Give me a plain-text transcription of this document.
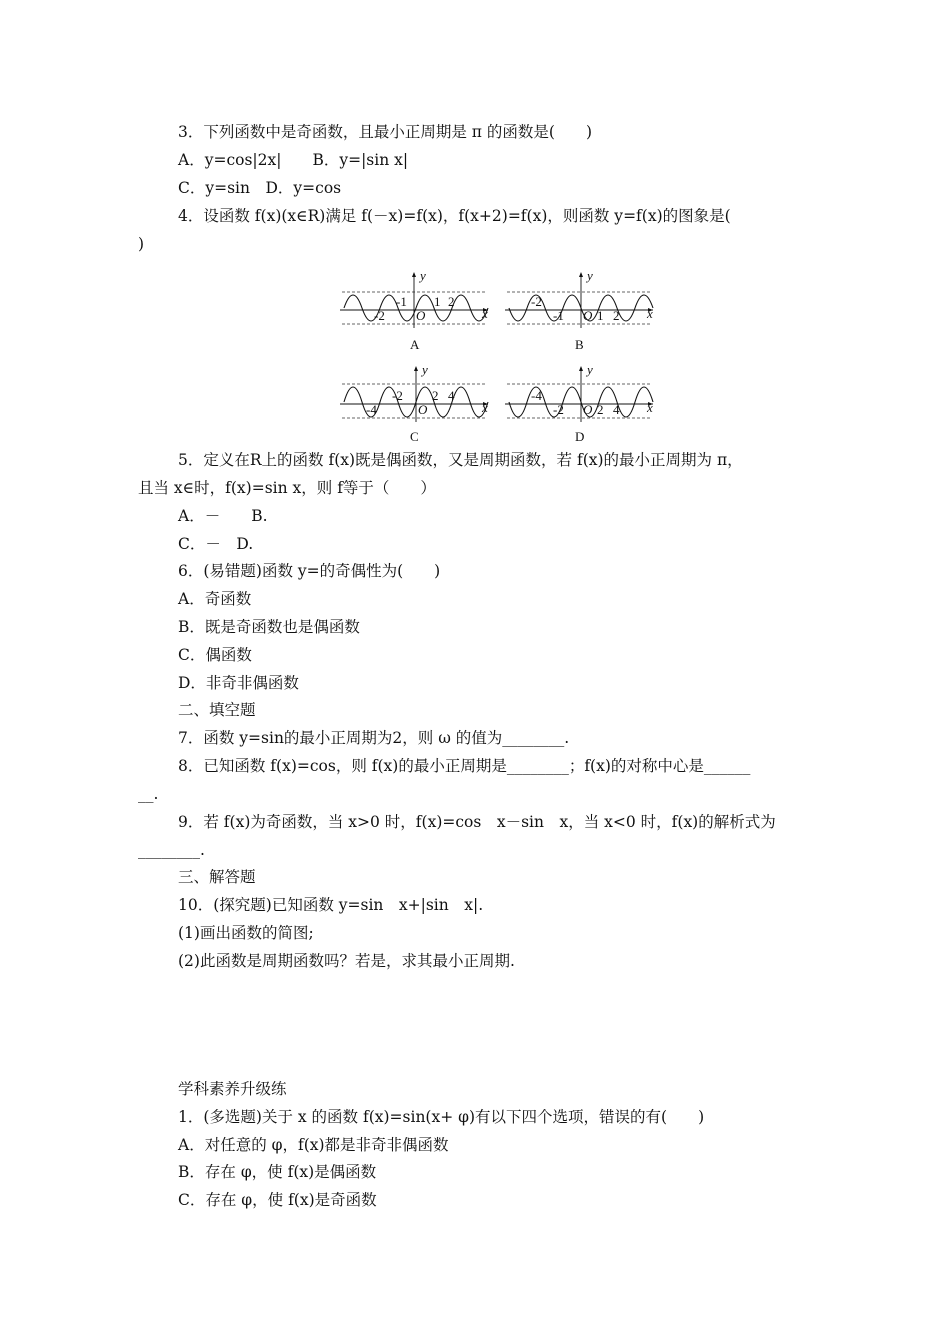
3．下列函数中是奇函数，且最小正周期是 π 的函数是(　　)
A．y=cos|2x|　　B．y=|sin x|
C．y=sin　D．y=cos
4．设函数 f(x)(x∈R)满足 f(－x)=f(x)，f(x+2)=f(x)，则函数 y=f(x)的图象是(
)
y
x
O
-1 1 2
-2
A
y
x
O
-2
-1	1 2
B
y
x
O
-2 2 4
-4
C
y
x
O
-4
-2	2 4
D
5．定义在R上的函数 f(x)既是偶函数，又是周期函数，若 f(x)的最小正周期为 π，
且当 x∈时，f(x)=sin x，则 f等于（　　）
A．－　　B.
C．－　D.
6．(易错题)函数 y=的奇偶性为(　　)
A．奇函数
B．既是奇函数也是偶函数
C．偶函数
D．非奇非偶函数
二、填空题
7．函数 y=sin的最小正周期为2，则 ω 的值为________.
8．已知函数 f(x)=cos，则 f(x)的最小正周期是________；f(x)的对称中心是______
__.
9．若 f(x)为奇函数，当 x>0 时，f(x)=cos　x－sin　x，当 x<0 时，f(x)的解析式为
________.
三、解答题
10．(探究题)已知函数 y=sin　x+|sin　x|.
(1)画出函数的简图;
(2)此函数是周期函数吗？若是，求其最小正周期.
学科素养升级练
1．(多选题)关于 x 的函数 f(x)=sin(x+ φ)有以下四个选项，错误的有(　　)
A．对任意的 φ，f(x)都是非奇非偶函数
B．存在 φ，使 f(x)是偶函数
C．存在 φ，使 f(x)是奇函数
